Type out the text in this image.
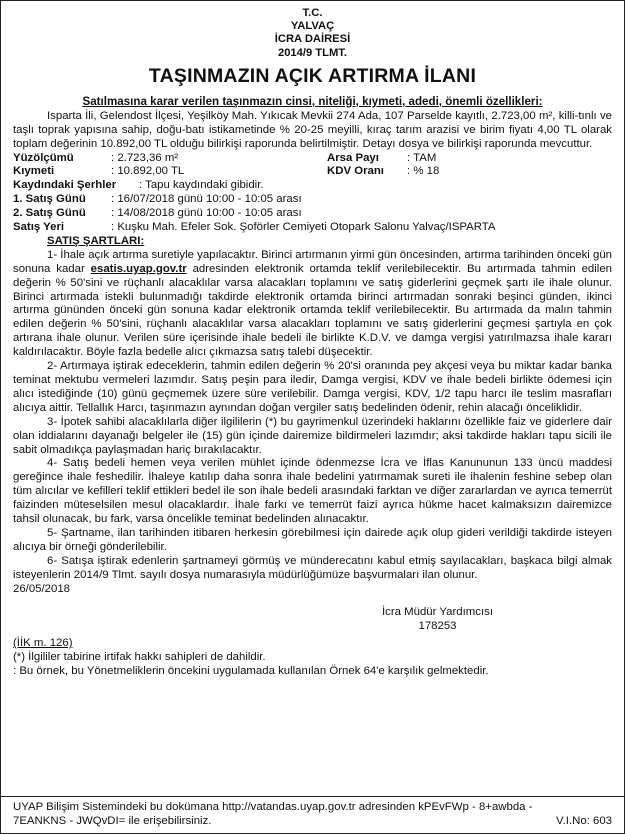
T.C.
YALVAÇ
İCRA DAİRESİ
2014/9 TLMT.
TAŞINMAZIN AÇIK ARTIRMA İLANI
Satılmasına karar verilen taşınmazın cinsi, niteliği, kıymeti, adedi, önemli özellikleri:

Isparta İli, Gelendost İlçesi, Yeşilköy Mah. Yıkıcak Mevkii 274 Ada, 107 Parselde kayıtlı, 2.723,00 m², killi-tınlı ve taşlı toprak yapısına sahip, doğu-batı istikametinde % 20-25 meyilli, kıraç tarım arazisi ve birim fiyatı 4,00 TL olarak toplam değerinin 10.892,00 TL olduğu bilirkişi raporunda belirtilmiştir. Detayı dosya ve bilirkişi raporunda mevcuttur.

Yüzölçümü	: 2.723,36 m²	Arsa Payı	: TAM
Kıymeti	: 10.892,00 TL	KDV Oranı	: % 18
Kaydındaki Şerhler	: Tapu kaydındaki gibidir.
1. Satış Günü	: 16/07/2018 günü 10:00 - 10:05 arası
2. Satış Günü	: 14/08/2018 günü 10:00 - 10:05 arası
Satış Yeri	: Kuşku Mah. Efeler Sok. Şoförler Cemiyeti Otopark Salonu Yalvaç/ISPARTA
SATIŞ ŞARTLARI:

1- İhale açık artırma suretiyle yapılacaktır. Birinci artırmanın yirmi gün öncesinden, artırma tarihinden önceki gün sonuna kadar esatis.uyap.gov.tr adresinden elektronik ortamda teklif verilebilecektir. Bu artırmada tahmin edilen değerin % 50'sini ve rüçhanlı alacaklılar varsa alacakları toplamını ve satış giderlerini geçmek şartı ile ihale olunur. Birinci artırmada istekli bulunmadığı takdirde elektronik ortamda birinci artırmadan sonraki beşinci günden, ikinci artırma gününden önceki gün sonuna kadar elektronik ortamda teklif verilebilecektir. Bu artırmada da malın tahmin edilen değerin % 50'sini, rüçhanlı alacaklılar varsa alacakları toplamını ve satış giderlerini geçmesi şartıyla en çok artırana ihale olunur. Verilen süre içerisinde ihale bedeli ile birlikte K.D.V. ve damga vergisi yatırılmazsa ihale kararı kaldırılacaktır. Böyle fazla bedelle alıcı çıkmazsa satış talebi düşecektir.

2- Artırmaya iştirak edeceklerin, tahmin edilen değerin % 20'si oranında pey akçesi veya bu miktar kadar banka teminat mektubu vermeleri lazımdır. Satış peşin para iledir, Damga vergisi, KDV ve ihale bedeli birlikte ödemesi için alıcı istediğinde (10) günü geçmemek üzere süre verilebilir. Damga vergisi, KDV, 1/2 tapu harcı ile teslim masrafları alıcıya aittir. Tellallık Harcı, taşınmazın aynından doğan vergiler satış bedelinden ödenir, rehin alacağı önceliklidir.

3- İpotek sahibi alacaklılarla diğer ilgililerin (*) bu gayrimenkul üzerindeki haklarını özellikle faiz ve giderlere dair olan iddialarını dayanağı belgeler ile (15) gün içinde dairemize bildirmeleri lazımdır; aksi takdirde hakları tapu sicili ile sabit olmadıkça paylaşmadan hariç bırakılacaktır.

4- Satış bedeli hemen veya verilen mühlet içinde ödenmezse İcra ve İflas Kanununun 133 üncü maddesi gereğince ihale feshedilir. İhaleye katılıp daha sonra ihale bedelini yatırmamak sureti ile ihalenin feshine sebep olan tüm alıcılar ve kefilleri teklif ettikleri bedel ile son ihale bedeli arasındaki farktan ve diğer zararlardan ve ayrıca temerrüt faizinden müteselsilen mesul olacaklardır. İhale farkı ve temerrüt faizi ayrıca hükme hacet kalmaksızın dairemizce tahsil olunacak, bu fark, varsa öncelikle teminat bedelinden alınacaktır.

5- Şartname, ilan tarihinden itibaren herkesin görebilmesi için dairede açık olup gideri verildiği takdirde isteyen alıcıya bir örneği gönderilebilir.

6- Satışa iştirak edenlerin şartnameyi görmüş ve münderecatını kabul etmiş sayılacakları, başkaca bilgi almak isteyenlerin 2014/9 Tlmt. sayılı dosya numarasıyla müdürlüğümüze başvurmaları ilan olunur.

26/05/2018
İcra Müdür Yardımcısı
178253
(İİK m. 126)
(*) İlgililer tabirine irtifak hakkı sahipleri de dahildir.
: Bu örnek, bu Yönetmeliklerin öncekini uygulamada kullanılan Örnek 64'e karşılık gelmektedir.
UYAP Bilişim Sistemindeki bu dokümana http://vatandas.uyap.gov.tr adresinden kPEvFWp - 8+awbda -
7EANKNS - JWQvDI= ile erişebilirsiniz.	V.I.No: 603
